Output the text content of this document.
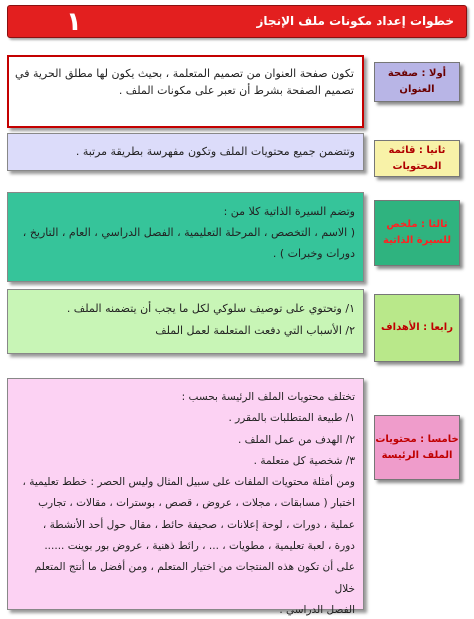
خطوات إعداد مكونات ملف الإنجاز
١
أولا : صفحة العنوان
تكون صفحة العنوان من تصميم المتعلمة ، بحيث يكون لها مطلق الحرية في
تصميم الصفحة بشرط أن تعبر على مكونات الملف .
ثانيا : قائمة المحتويات
وتتضمن جميع محتويات الملف وتكون مفهرسة بطريقة مرتبة .
ثالثا : ملخص
للسيرة الذاتية
وتضم السيرة الذاتية كلا من :
( الاسم ، التخصص ، المرحلة التعليمية ، الفصل الدراسي ، العام ، التاريخ ،
دورات وخبرات ) .
رابعا : الأهداف
١/ وتحتوي على توصيف سلوكي لكل ما يجب أن يتضمنه الملف .
٢/ الأسباب التي دفعت المتعلمة لعمل الملف
خامسا : محتويات
الملف الرئيسة
تختلف محتويات الملف الرئيسة بحسب :
١/ طبيعة المتطلبات بالمقرر .
٢/ الهدف من عمل الملف .
٣/ شخصية كل متعلمة .
ومن أمثلة محتويات الملفات على سبيل المثال وليس الحصر : خطط تعليمية ،
اختبار ( مسابقات ، مجلات ، عروض ، قصص ، بوسترات ، مقالات ، تجارب
عملية ، دورات ، لوحة إعلانات ، صحيفة حائط ، مقال حول أحد الأنشطة ،
دورة ، لعبة تعليمية ، مطويات ، ... ، رائط ذهنية ، عروض بور بوينت ......
على أن تكون هذه المنتجات من اختيار المتعلم ، ومن أفضل ما أنتج المتعلم خلال
الفصل الدراسي .
